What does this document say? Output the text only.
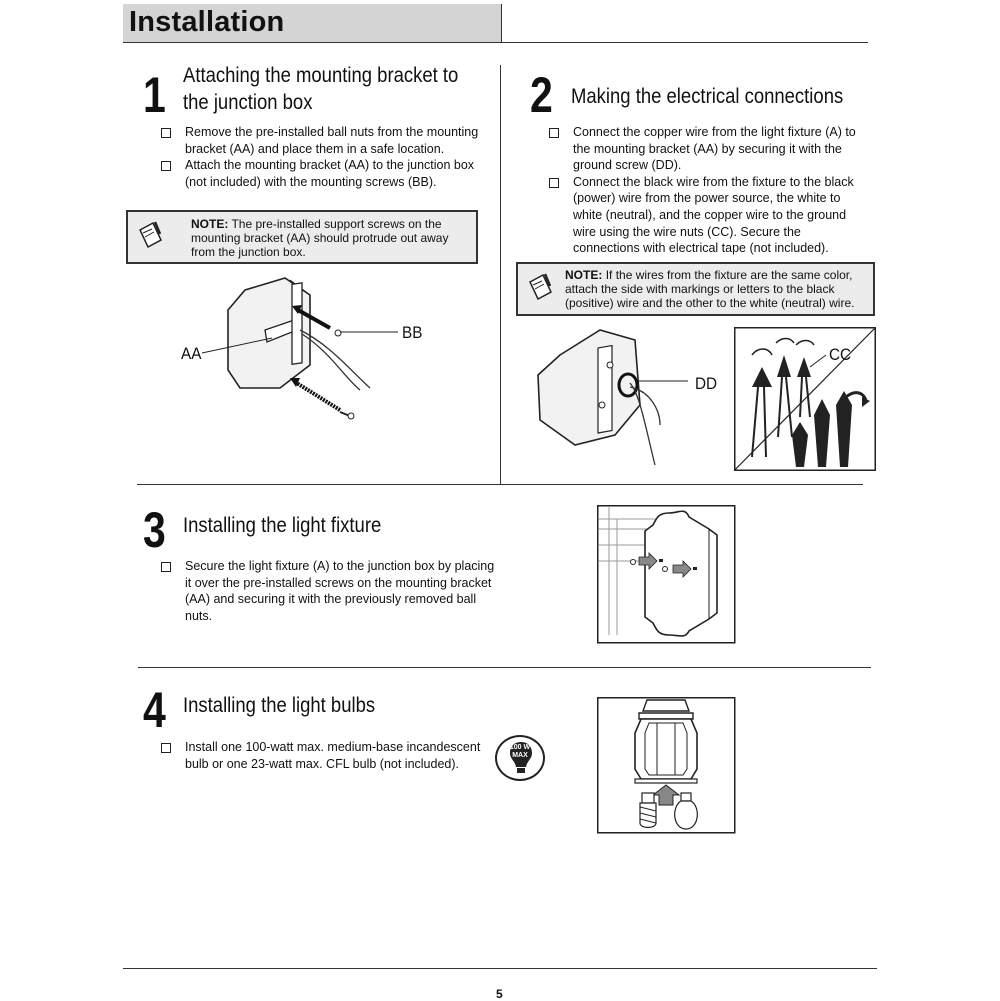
Installation
1 Attaching the mounting bracket to
the junction box
Remove the pre-installed ball nuts from the mounting bracket (AA) and place them in a safe location.
Attach the mounting bracket (AA) to the junction box (not included) with the mounting screws (BB).
NOTE: The pre-installed support screws on the mounting bracket (AA) should protrude out away from the junction box.
AA
BB
2 Making the electrical connections
Connect the copper wire from the light fixture (A) to the mounting bracket (AA) by securing it with the ground screw (DD).
Connect the black wire from the fixture to the black (power) wire from the power source, the white to white (neutral), and the copper wire to the ground wire using the wire nuts (CC). Secure the connections with electrical tape (not included).
NOTE: If the wires from the fixture are the same color, attach the side with markings or letters to the black (positive) wire and the other to the white (neutral) wire.
DD
CC
3 Installing the light fixture
Secure the light fixture (A) to the junction box by placing it over the pre-installed screws on the mounting bracket (AA) and securing it with the previously removed ball nuts.
4 Installing the light bulbs
Install one 100-watt max. medium-base incandescent bulb or one 23-watt max. CFL bulb (not included).
100 W
MAX
5
